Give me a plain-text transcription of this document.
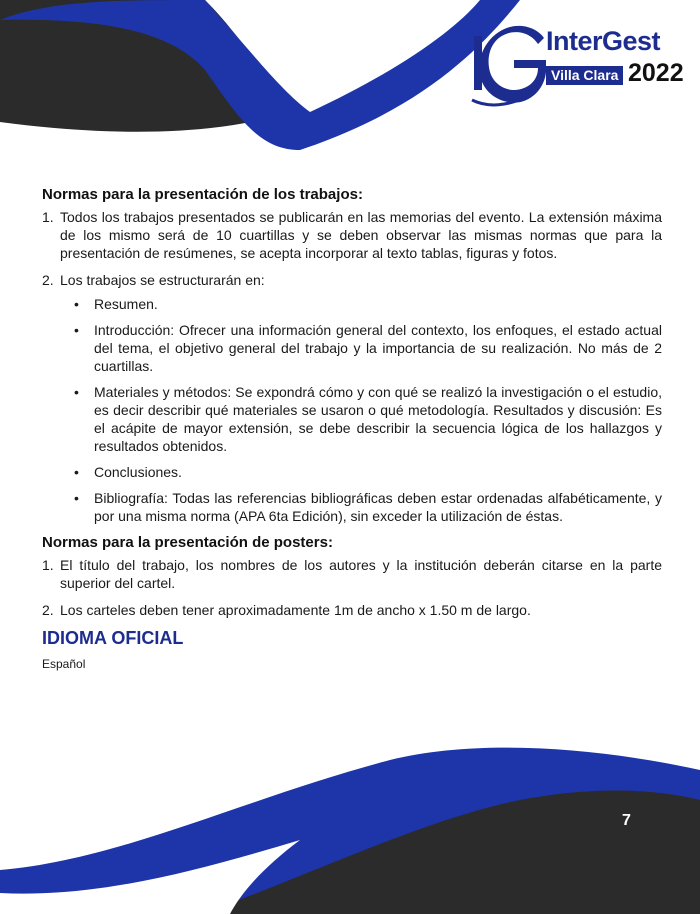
InterGest
Villa Clara 2022
Normas para la presentación de los trabajos:
1. Todos los trabajos presentados se publicarán en las memorias del evento. La extensión máxima de los mismo será de 10 cuartillas y se deben observar las mismas normas que para la presentación de resúmenes, se acepta incorporar al texto tablas, figuras y fotos.
2. Los trabajos se estructurarán en:
• Resumen.
• Introducción: Ofrecer una información general del contexto, los enfoques, el estado actual del tema, el objetivo general del trabajo y la importancia de su realización. No más de 2 cuartillas.
• Materiales y métodos: Se expondrá cómo y con qué se realizó la investigación o el estudio, es decir describir qué materiales se usaron o qué metodología. Resultados y discusión: Es el acápite de mayor extensión, se debe describir la secuencia lógica de los hallazgos y resultados obtenidos.
• Conclusiones.
• Bibliografía: Todas las referencias bibliográficas deben estar ordenadas alfabéticamente, y por una misma norma (APA 6ta Edición), sin exceder la utilización de éstas.
Normas para la presentación de posters:
1. El título del trabajo, los nombres de los autores y la institución deberán citarse en la parte superior del cartel.
2. Los carteles deben tener aproximadamente 1m de ancho x 1.50 m de largo.
IDIOMA OFICIAL
Español
7
